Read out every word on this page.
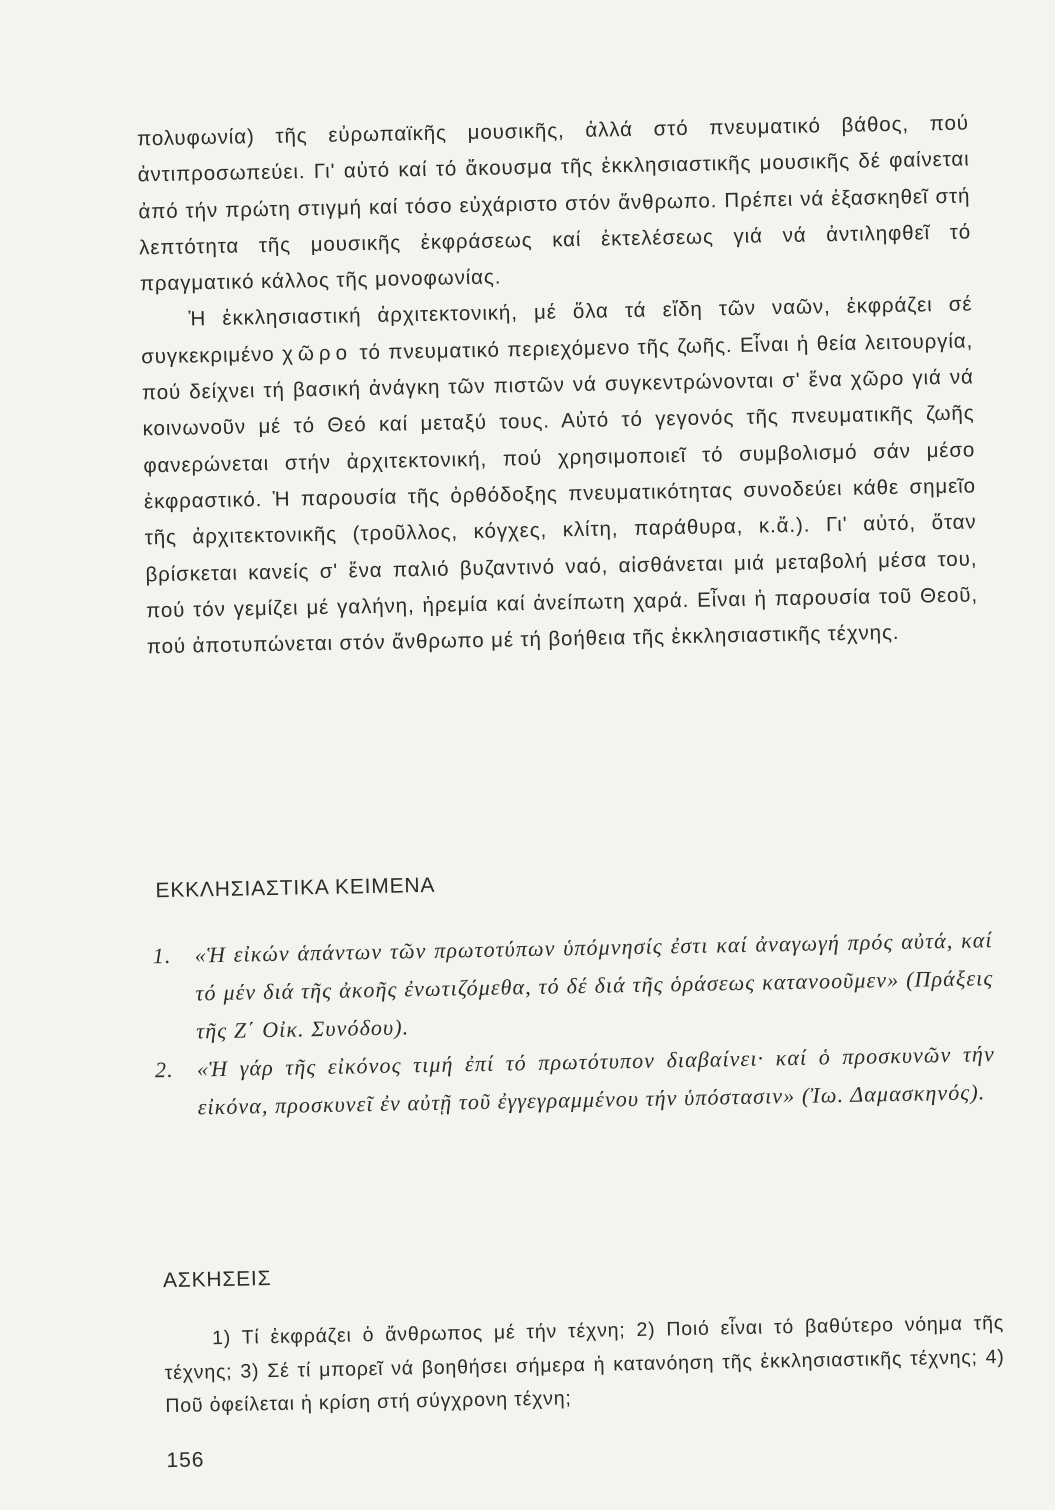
πολυφωνία) τῆς εὐρωπαϊκῆς μουσικῆς, ἀλλά στό πνευματικό βάθος, πού ἀντιπροσωπεύει. Γι' αὐτό καί τό ἄκουσμα τῆς ἐκκλησιαστικῆς μουσικῆς δέ φαίνεται ἀπό τήν πρώτη στιγμή καί τόσο εὐχάριστο στόν ἄνθρωπο. Πρέπει νά ἐξασκηθεῖ στή λεπτότητα τῆς μουσικῆς ἐκφράσεως καί ἐκτελέσεως γιά νά ἀντιληφθεῖ τό πραγματικό κάλλος τῆς μονοφωνίας.

Ἡ ἐκκλησιαστική ἀρχιτεκτονική, μέ ὅλα τά εἴδη τῶν ναῶν, ἐκφράζει σέ συγκεκριμένο χῶρο τό πνευματικό περιεχόμενο τῆς ζωῆς. Εἶναι ἡ θεία λειτουργία, πού δείχνει τή βασική ἀνάγκη τῶν πιστῶν νά συγκεντρώνονται σ' ἕνα χῶρο γιά νά κοινωνοῦν μέ τό Θεό καί μεταξύ τους. Αὐτό τό γεγονός τῆς πνευματικῆς ζωῆς φανερώνεται στήν ἀρχιτεκτονική, πού χρησιμοποιεῖ τό συμβολισμό σάν μέσο ἐκφραστικό. Ἡ παρουσία τῆς ὀρθόδοξης πνευματικότητας συνοδεύει κάθε σημεῖο τῆς ἀρχιτεκτονικῆς (τροῦλλος, κόγχες, κλίτη, παράθυρα, κ.ἄ.). Γι' αὐτό, ὅταν βρίσκεται κανείς σ' ἕνα παλιό βυζαντινό ναό, αἰσθάνεται μιά μεταβολή μέσα του, πού τόν γεμίζει μέ γαλήνη, ἠρεμία καί ἀνείπωτη χαρά. Εἶναι ἡ παρουσία τοῦ Θεοῦ, πού ἀποτυπώνεται στόν ἄνθρωπο μέ τή βοήθεια τῆς ἐκκλησιαστικῆς τέχνης.

ΕΚΚΛΗΣΙΑΣΤΙΚΑ ΚΕΙΜΕΝΑ

1. «Ἡ εἰκών ἁπάντων τῶν πρωτοτύπων ὑπόμνησίς ἐστι καί ἀναγωγή πρός αὐτά, καί τό μέν διά τῆς ἀκοῆς ἐνωτιζόμεθα, τό δέ διά τῆς ὁράσεως κατανοοῦμεν» (Πράξεις τῆς Ζ΄ Οἰκ. Συνόδου).

2. «Ἡ γάρ τῆς εἰκόνος τιμή ἐπί τό πρωτότυπον διαβαίνει· καί ὁ προσκυνῶν τήν εἰκόνα, προσκυνεῖ ἐν αὐτῇ τοῦ ἐγγεγραμμένου τήν ὑπόστασιν» (Ἰω. Δαμασκηνός).

ΑΣΚΗΣΕΙΣ

1) Τί ἐκφράζει ὁ ἄνθρωπος μέ τήν τέχνη; 2) Ποιό εἶναι τό βαθύτερο νόημα τῆς τέχνης; 3) Σέ τί μπορεῖ νά βοηθήσει σήμερα ἡ κατανόηση τῆς ἐκκλησιαστικῆς τέχνης; 4) Ποῦ ὀφείλεται ἡ κρίση στή σύγχρονη τέχνη;

156
